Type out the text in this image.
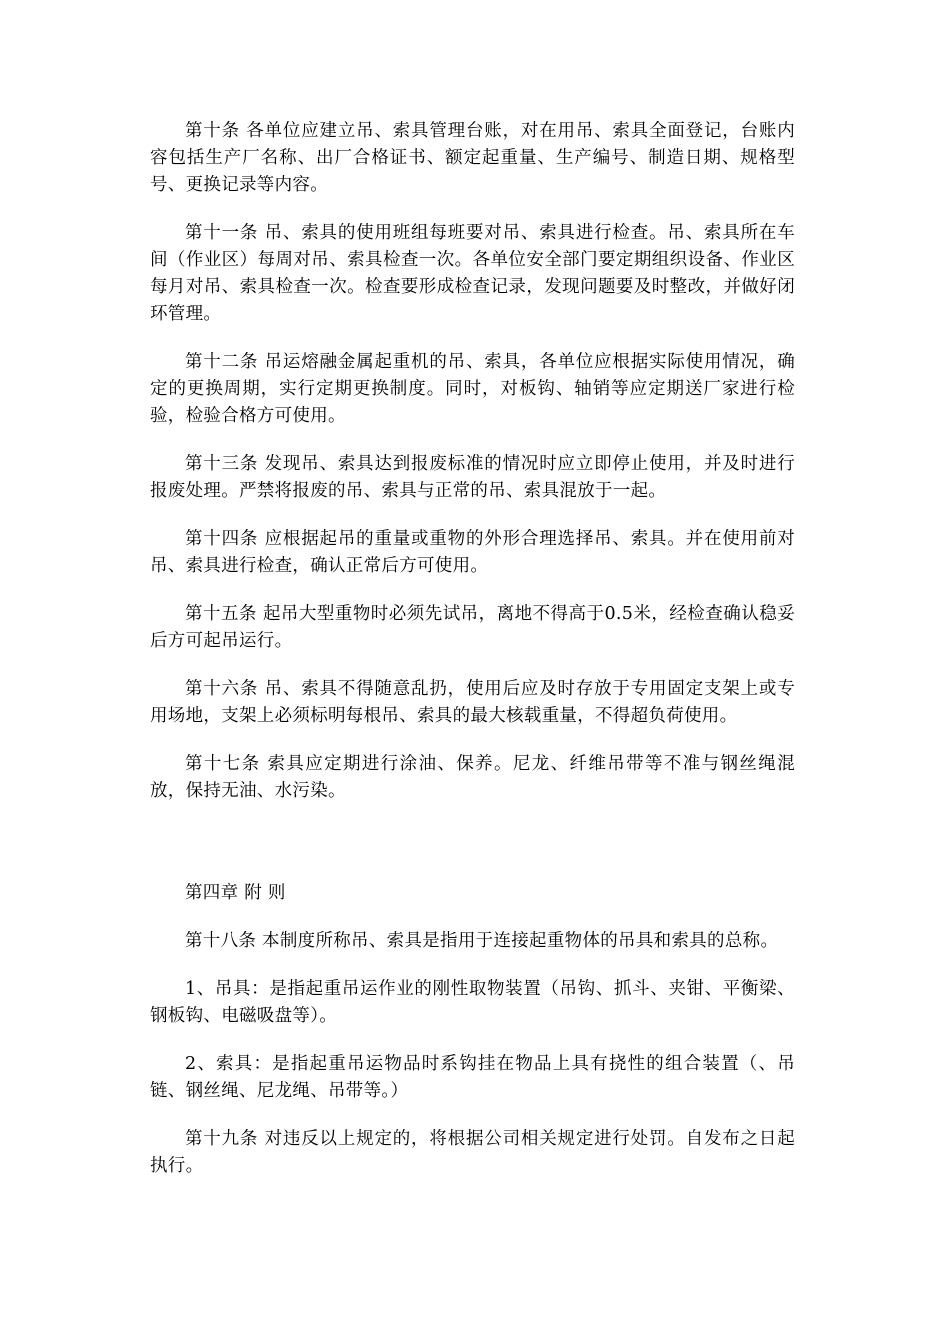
第十条 各单位应建立吊、索具管理台账，对在用吊、索具全面登记，台账内容包括生产厂名称、出厂合格证书、额定起重量、生产编号、制造日期、规格型号、更换记录等内容。

第十一条 吊、索具的使用班组每班要对吊、索具进行检查。吊、索具所在车间（作业区）每周对吊、索具检查一次。各单位安全部门要定期组织设备、作业区每月对吊、索具检查一次。检查要形成检查记录，发现问题要及时整改，并做好闭环管理。

第十二条 吊运熔融金属起重机的吊、索具，各单位应根据实际使用情况，确定的更换周期，实行定期更换制度。同时，对板钩、轴销等应定期送厂家进行检验，检验合格方可使用。

第十三条 发现吊、索具达到报废标准的情况时应立即停止使用，并及时进行报废处理。严禁将报废的吊、索具与正常的吊、索具混放于一起。

第十四条 应根据起吊的重量或重物的外形合理选择吊、索具。并在使用前对吊、索具进行检查，确认正常后方可使用。

第十五条 起吊大型重物时必须先试吊，离地不得高于0.5米，经检查确认稳妥后方可起吊运行。

第十六条 吊、索具不得随意乱扔，使用后应及时存放于专用固定支架上或专用场地，支架上必须标明每根吊、索具的最大核载重量，不得超负荷使用。

第十七条 索具应定期进行涂油、保养。尼龙、纤维吊带等不准与钢丝绳混放，保持无油、水污染。

第四章 附 则

第十八条 本制度所称吊、索具是指用于连接起重物体的吊具和索具的总称。

1、吊具：是指起重吊运作业的刚性取物装置（吊钩、抓斗、夹钳、平衡梁、钢板钩、电磁吸盘等）。

2、索具：是指起重吊运物品时系钩挂在物品上具有挠性的组合装置（、吊链、钢丝绳、尼龙绳、吊带等。）

第十九条 对违反以上规定的，将根据公司相关规定进行处罚。自发布之日起执行。
